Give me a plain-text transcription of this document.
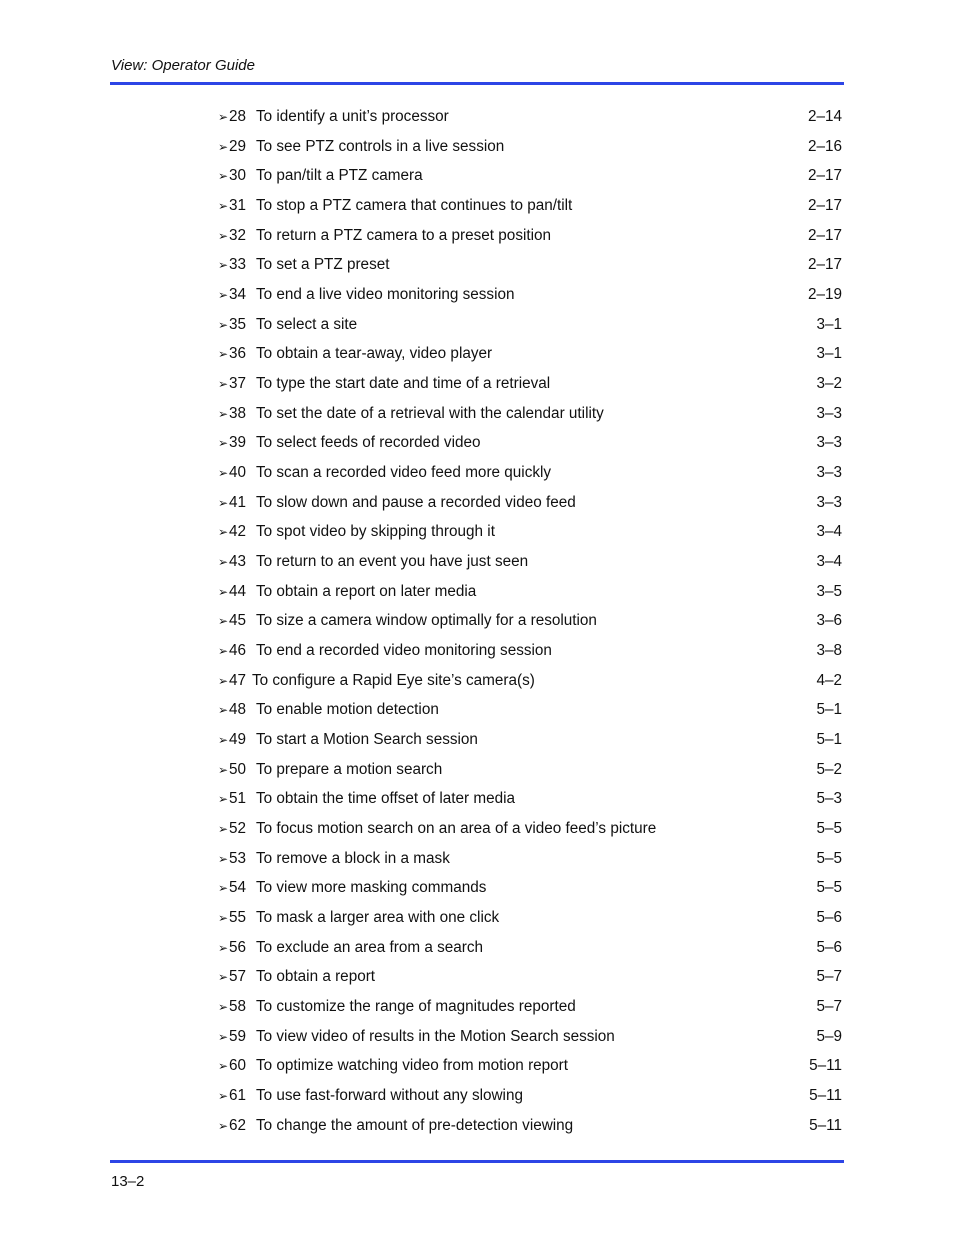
View: Operator Guide
➢ 28 To identify a unit’s processor	2–14
➢ 29 To see PTZ controls in a live session	2–16
➢ 30 To pan/tilt a PTZ camera	2–17
➢ 31 To stop a PTZ camera that continues to pan/tilt	2–17
➢ 32 To return a PTZ camera to a preset position	2–17
➢ 33 To set a PTZ preset	2–17
➢ 34 To end a live video monitoring session	2–19
➢ 35 To select a site	3–1
➢ 36 To obtain a tear-away, video player	3–1
➢ 37 To type the start date and time of a retrieval	3–2
➢ 38 To set the date of a retrieval with the calendar utility	3–3
➢ 39 To select feeds of recorded video	3–3
➢ 40 To scan a recorded video feed more quickly	3–3
➢ 41 To slow down and pause a recorded video feed	3–3
➢ 42 To spot video by skipping through it	3–4
➢ 43 To return to an event you have just seen	3–4
➢ 44 To obtain a report on later media	3–5
➢ 45 To size a camera window optimally for a resolution	3–6
➢ 46 To end a recorded video monitoring session	3–8
➢ 47 To configure a Rapid Eye site’s camera(s)	4–2
➢ 48 To enable motion detection	5–1
➢ 49 To start a Motion Search session	5–1
➢ 50 To prepare a motion search	5–2
➢ 51 To obtain the time offset of later media	5–3
➢ 52 To focus motion search on an area of a video feed’s picture	5–5
➢ 53 To remove a block in a mask	5–5
➢ 54 To view more masking commands	5–5
➢ 55 To mask a larger area with one click	5–6
➢ 56 To exclude an area from a search	5–6
➢ 57 To obtain a report	5–7
➢ 58 To customize the range of magnitudes reported	5–7
➢ 59 To view video of results in the Motion Search session	5–9
➢ 60 To optimize watching video from motion report	5–11
➢ 61 To use fast-forward without any slowing	5–11
➢ 62 To change the amount of pre-detection viewing	5–11
13–2
